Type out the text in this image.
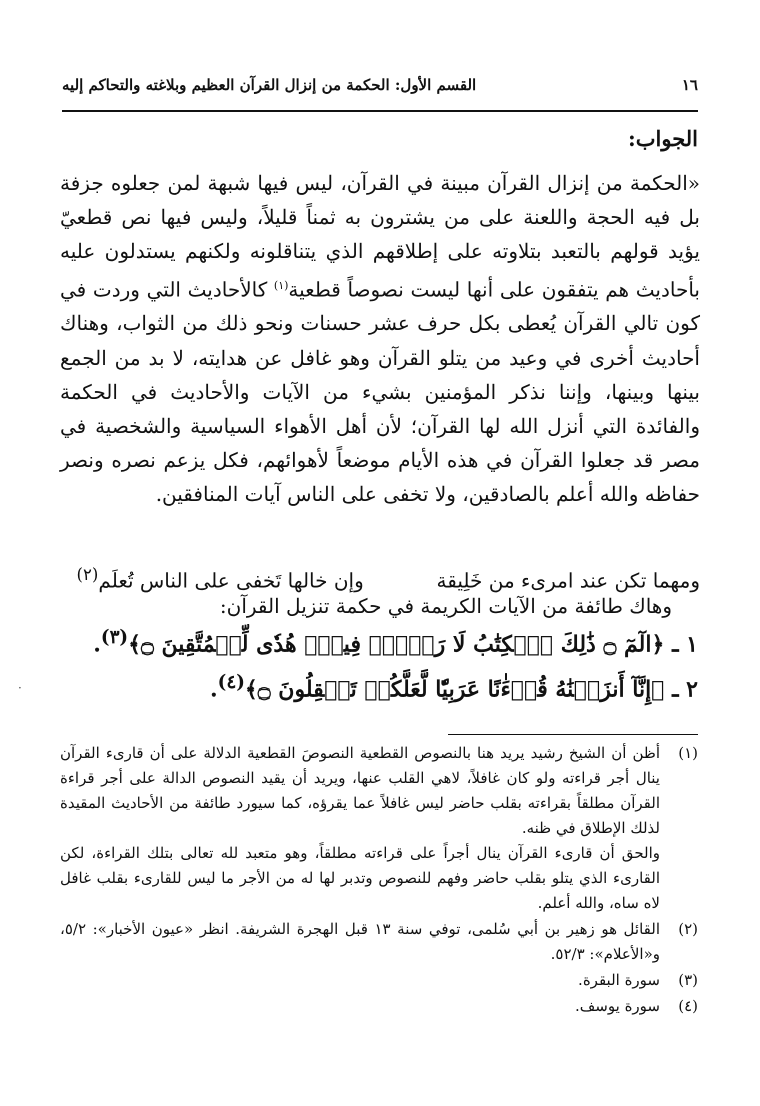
١٦
القسم الأول: الحكمة من إنزال القرآن العظيم وبلاغته والتحاكم إليه
الجواب:

«الحكمة من إنزال القرآن مبينة في القرآن، ليس فيها شبهة لمن جعلوه جزفة بل فيه الحجة واللعنة على من يشترون به ثمناً قليلاً، وليس فيها نص قطعيّ يؤيد قولهم بالتعبد بتلاوته على إطلاقهم الذي يتناقلونه ولكنهم يستدلون عليه بأحاديث هم يتفقون على أنها ليست نصوصاً قطعية$^{(١)}$ كالأحاديث التي وردت في كون تالي القرآن يُعطى بكل حرف عشر حسنات ونحو ذلك من الثواب، وهناك أحاديث أخرى في وعيد من يتلو القرآن وهو غافل عن هدايته، لا بد من الجمع بينها وبينها، وإننا نذكر المؤمنين بشيء من الآيات والأحاديث في الحكمة والفائدة التي أنزل الله لها القرآن؛ لأن أهل الأهواء السياسية والشخصية في مصر قد جعلوا القرآن في هذه الأيام موضعاً لأهوائهم، فكل يزعم نصره ونصر حفاظه والله أعلم بالصادقين، ولا تخفى على الناس آيات المنافقين.

ومهما تكن عند امرىء من خَلِيقة  وإن خالها تَخفى على الناس تُعلَم$^{(٢)}$
وهاك طائفة من الآيات الكريمة في حكمة تنزيل القرآن:
١ ـ ﴿الٓمٓ ۝ ذَٰلِكَ ٱلۡكِتَٰبُ لَا رَيۡبَۛ فِيهِۛ هُدٗى لِّلۡمُتَّقِينَ ۝﴾$^{(٣)}$.
٢ ـ ﴿إِنَّآ أَنزَلۡنَٰهُ قُرۡءَٰنًا عَرَبِيّٗا لَّعَلَّكُمۡ تَعۡقِلُونَ ۝﴾$^{(٤)}$.
·
(١)

أظن أن الشيخ رشيد يريد هنا بالنصوص القطعية النصوصَ القطعية الدلالة على أن قارىء القرآن ينال أجر قراءته ولو كان غافلاً، لاهي القلب عنها، ويريد أن يقيد النصوص الدالة على أجر قراءة القرآن مطلقاً بقراءته بقلب حاضر ليس غافلاً عما يقرؤه، كما سيورد طائفة من الأحاديث المقيدة لذلك الإطلاق في ظنه.

والحق أن قارىء القرآن ينال أجراً على قراءته مطلقاً، وهو متعبد لله تعالى بتلك القراءة، لكن القارىء الذي يتلو بقلب حاضر وفهم للنصوص وتدبر لها له من الأجر ما ليس للقارىء بقلب غافل لاه ساه، والله أعلم.

(٢)

القائل هو زهير بن أبي سُلمى، توفي سنة ١٣ قبل الهجرة الشريفة. انظر «عيون الأخبار»: ٥/٢، و«الأعلام»: ٥٢/٣.

(٣)

سورة البقرة.

(٤)

سورة يوسف.
